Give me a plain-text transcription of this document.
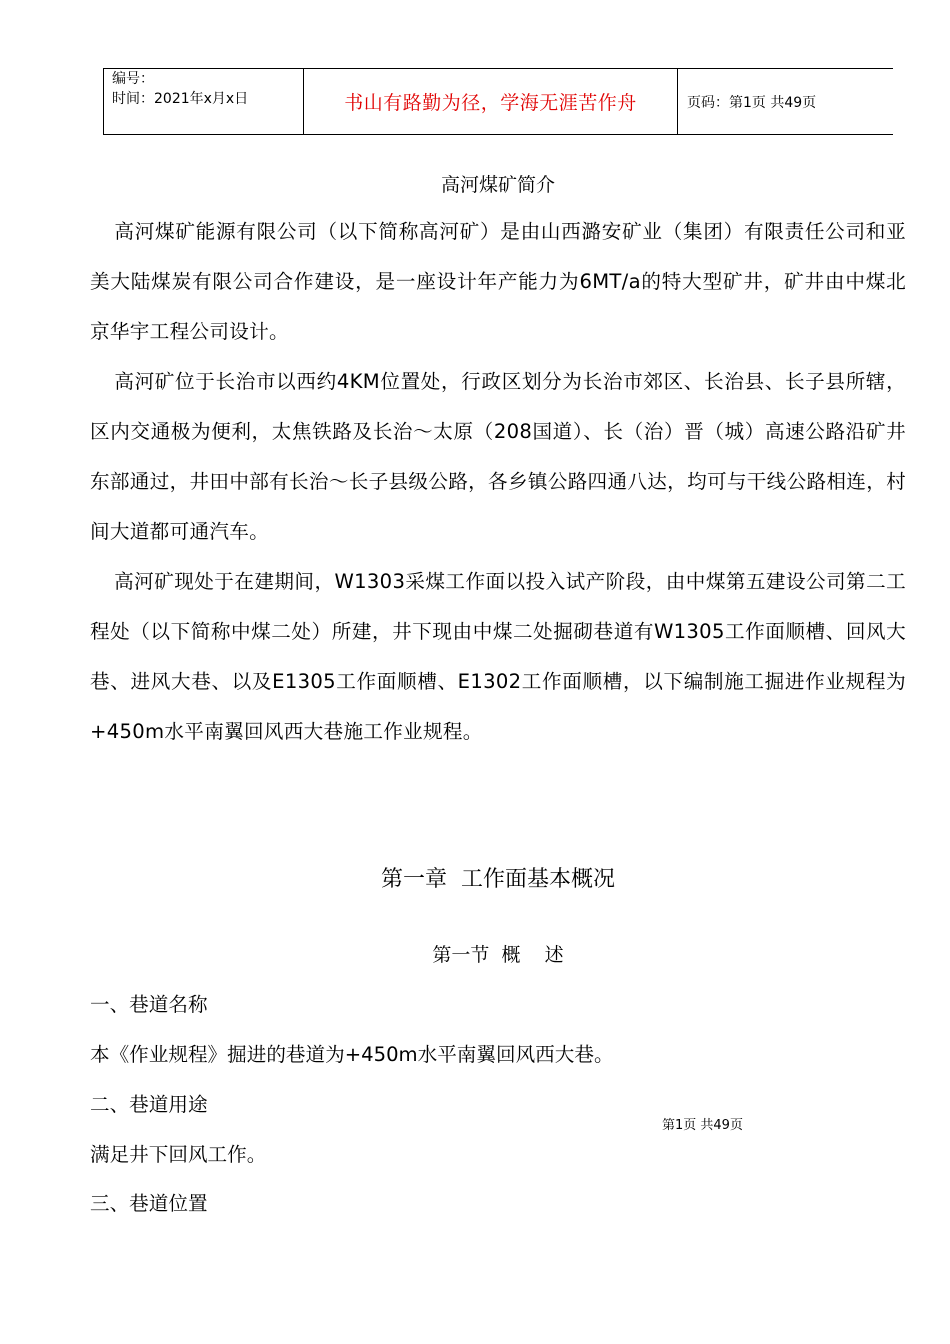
编号：
时间：2021年x月x日	书山有路勤为径，学海无涯苦作舟	页码：第1页 共49页
高河煤矿简介
高河煤矿能源有限公司（以下简称高河矿）是由山西潞安矿业（集团）有限责任公司和亚美大陆煤炭有限公司合作建设，是一座设计年产能力为6MT/a的特大型矿井，矿井由中煤北京华宇工程公司设计。
高河矿位于长治市以西约4KM位置处，行政区划分为长治市郊区、长治县、长子县所辖，区内交通极为便利，太焦铁路及长治～太原（208国道）、长（治）晋（城）高速公路沿矿井东部通过，井田中部有长治～长子县级公路，各乡镇公路四通八达，均可与干线公路相连，村间大道都可通汽车。
高河矿现处于在建期间，W1303采煤工作面以投入试产阶段，由中煤第五建设公司第二工程处（以下简称中煤二处）所建，井下现由中煤二处掘砌巷道有W1305工作面顺槽、回风大巷、进风大巷、以及E1305工作面顺槽、E1302工作面顺槽，以下编制施工掘进作业规程为+450m水平南翼回风西大巷施工作业规程。
第一章  工作面基本概况
第一节  概    述
一、巷道名称
本《作业规程》掘进的巷道为+450m水平南翼回风西大巷。
二、巷道用途
满足井下回风工作。
三、巷道位置
第1页 共49页
